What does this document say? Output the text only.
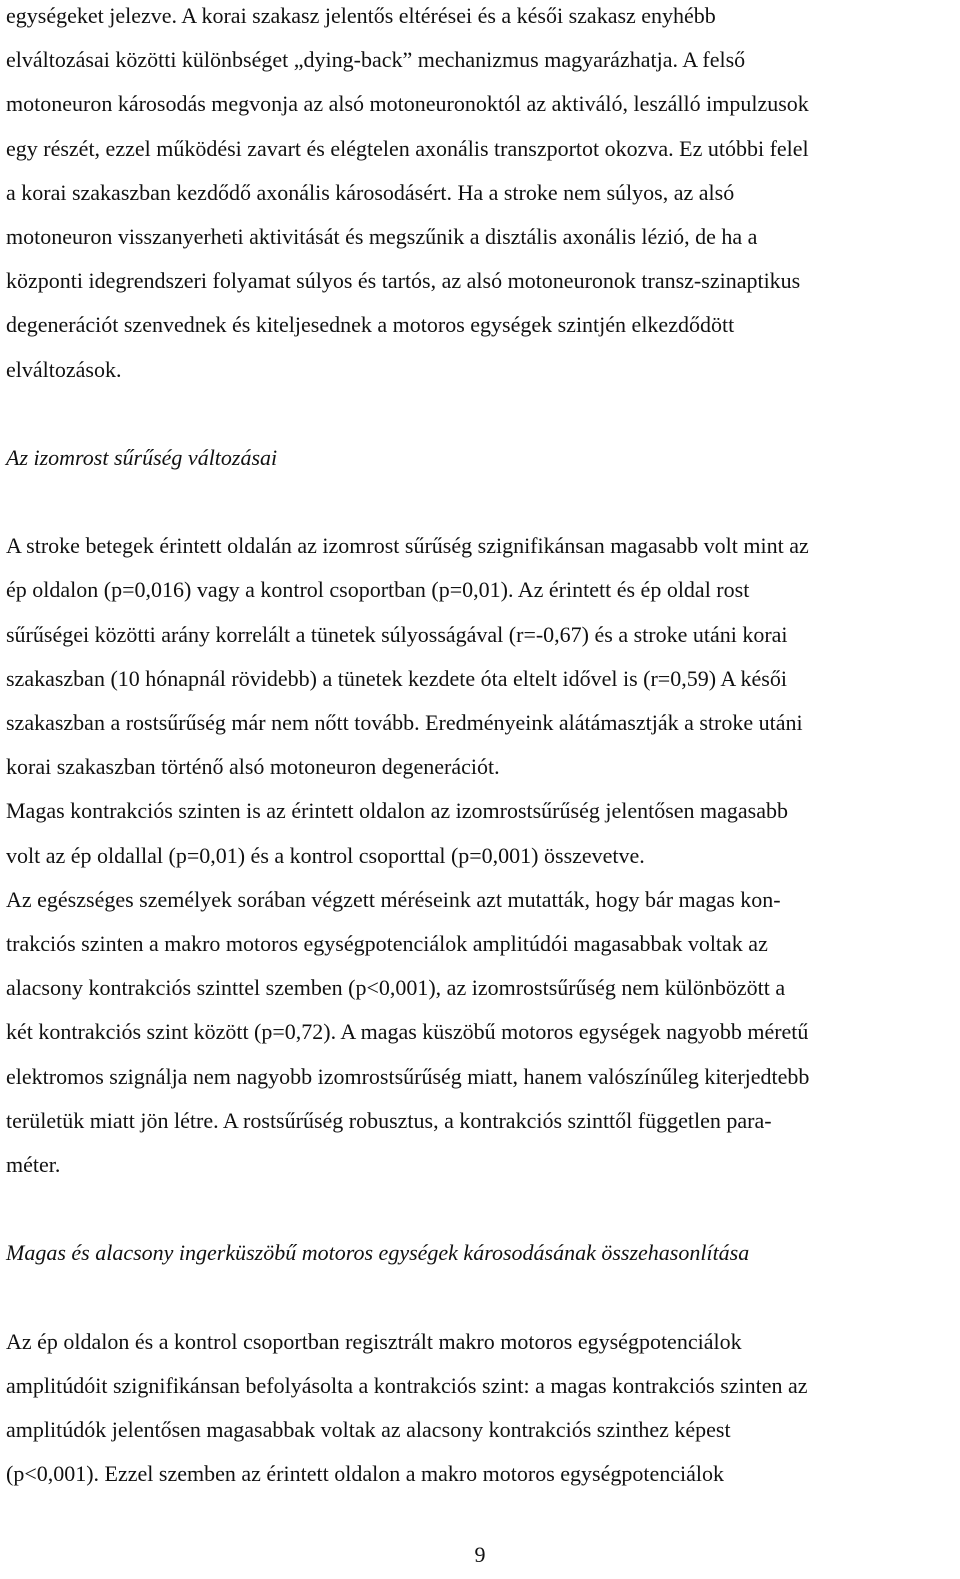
egységeket jelezve. A korai szakasz jelentős eltérései és a késői szakasz enyhébb
elváltozásai közötti különbséget „dying-back” mechanizmus magyarázhatja. A felső
motoneuron károsodás megvonja az alsó motoneuronoktól az aktiváló, leszálló impulzusok
egy részét, ezzel működési zavart és elégtelen axonális transzportot okozva. Ez utóbbi felel
a korai szakaszban kezdődő axonális károsodásért. Ha a stroke nem súlyos, az alsó
motoneuron visszanyerheti aktivitását és megszűnik a disztális axonális lézió, de ha a
központi idegrendszeri folyamat súlyos és tartós, az alsó motoneuronok transz-szinaptikus
degenerációt szenvednek és kiteljesednek a motoros egységek szintjén elkezdődött
elváltozások.
Az izomrost sűrűség változásai
A stroke betegek érintett oldalán az izomrost sűrűség szignifikánsan magasabb volt mint az
ép oldalon (p=0,016) vagy a kontrol csoportban (p=0,01). Az érintett és ép oldal rost
sűrűségei közötti arány korrelált a tünetek súlyosságával (r=-0,67) és a stroke utáni korai
szakaszban (10 hónapnál rövidebb) a tünetek kezdete óta eltelt idővel is (r=0,59) A késői
szakaszban a rostsűrűség már nem nőtt tovább. Eredményeink alátámasztják a stroke utáni
korai szakaszban történő alsó motoneuron degenerációt.
Magas kontrakciós szinten is az érintett oldalon az izomrostsűrűség jelentősen magasabb
volt az ép oldallal (p=0,01) és a kontrol csoporttal (p=0,001) összevetve.
Az egészséges személyek sorában végzett méréseink azt mutatták, hogy bár magas kon-
trakciós szinten a makro motoros egységpotenciálok amplitúdói magasabbak voltak az
alacsony kontrakciós szinttel szemben (p<0,001), az izomrostsűrűség nem különbözött a
két kontrakciós szint között (p=0,72). A magas küszöbű motoros egységek nagyobb méretű
elektromos szignálja nem nagyobb izomrostsűrűség miatt, hanem valószínűleg kiterjedtebb
területük miatt jön létre. A rostsűrűség robusztus, a kontrakciós szinttől független para-
méter.
Magas és alacsony ingerküszöbű motoros egységek károsodásának összehasonlítása
Az ép oldalon és a kontrol csoportban regisztrált makro motoros egységpotenciálok
amplitúdóit szignifikánsan befolyásolta a kontrakciós szint: a magas kontrakciós szinten az
amplitúdók jelentősen magasabbak voltak az alacsony kontrakciós szinthez képest
(p<0,001). Ezzel szemben az érintett oldalon a makro motoros egységpotenciálok
9
